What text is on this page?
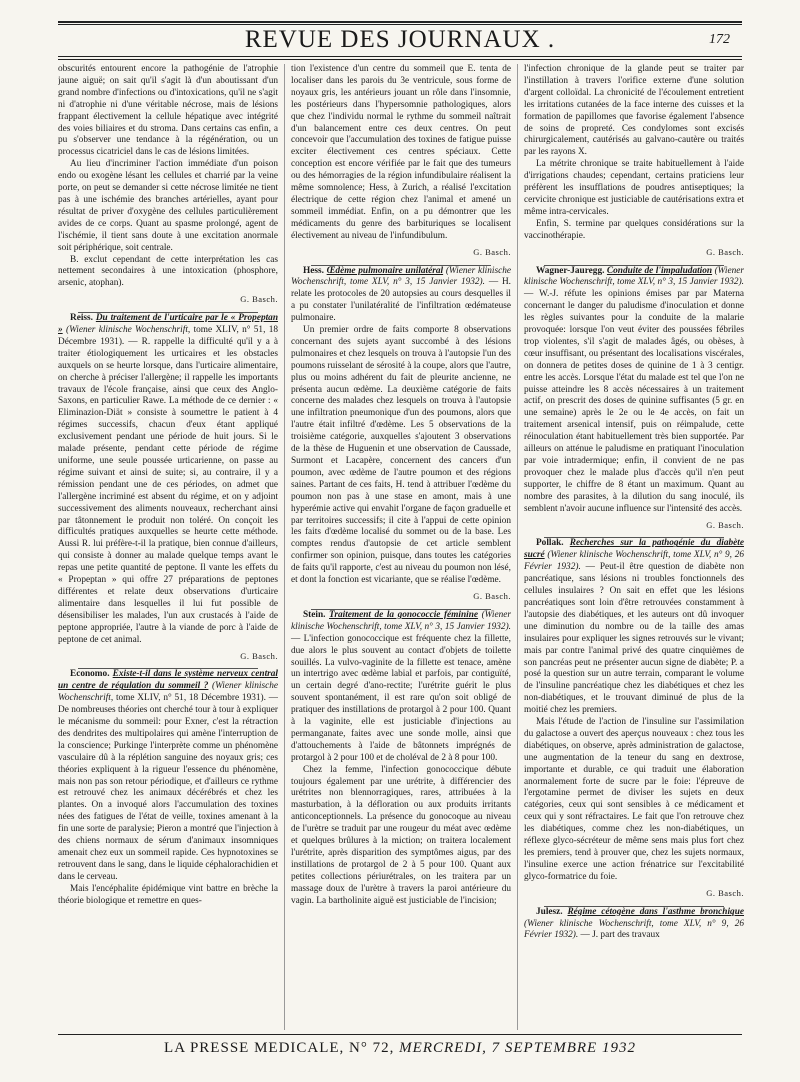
REVUE DES JOURNAUX .	172

obscurités entourent encore la pathogénie de l'atrophie jaune aiguë; on sait qu'il s'agit là d'un aboutissant d'un grand nombre d'infections ou d'intoxications, qu'il ne s'agit ni d'atrophie ni d'une véritable nécrose, mais de lésions frappant électivement la cellule hépatique avec intégrité des voies biliaires et du stroma. Dans certains cas enfin, a pu s'observer une tendance à la régénération, ou un processus cicatriciel dans le cas de lésions limitées.

Au lieu d'incriminer l'action immédiate d'un poison endo ou exogène lésant les cellules et charrié par la veine porte, on peut se demander si cette nécrose limitée ne tient pas à une ischémie des branches artérielles, ayant pour résultat de priver d'oxygène des cellules particulièrement avides de ce corps. Quant au spasme prolongé, agent de l'ischémie, il tient sans doute à une excitation anormale soit périphérique, soit centrale.

B. exclut cependant de cette interprétation les cas nettement secondaires à une intoxication (phosphore, arsenic, atophan).

G. Basch.

Reiss. Du traitement de l'urticaire par le « Propeptan » (Wiener klinische Wochenschrift, tome XLIV, n° 51, 18 Décembre 1931). — R. rappelle la difficulté qu'il y a à traiter étiologiquement les urticaires et les obstacles auxquels on se heurte lorsque, dans l'urticaire alimentaire, on cherche à préciser l'allergène; il rappelle les importants travaux de l'école française, ainsi que ceux des Anglo-Saxons, en particulier Rawe. La méthode de ce dernier : « Eliminazion-Diät » consiste à soumettre le patient à 4 régimes successifs, chacun d'eux étant appliqué exclusivement pendant une période de huit jours. Si le malade présente, pendant cette période de régime uniforme, une seule poussée urticarienne, on passe au régime suivant et ainsi de suite; si, au contraire, il y a rémission pendant une de ces périodes, on admet que l'allergène incriminé est absent du régime, et on y adjoint successivement des aliments nouveaux, recherchant ainsi par tâtonnement le produit non toléré. On conçoit les difficultés pratiques auxquelles se heurte cette méthode. Aussi R. lui préfère-t-il la pratique, bien connue d'ailleurs, qui consiste à donner au malade quelque temps avant le repas une petite quantité de peptone. Il vante les effets du « Propeptan » qui offre 27 préparations de peptones différentes et relate deux observations d'urticaire alimentaire dans lesquelles il lui fut possible de désensibiliser les malades, l'un aux crustacés à l'aide de peptone appropriée, l'autre à la viande de porc à l'aide de peptone de cet animal.

G. Basch.

Economo. Existe-t-il dans le système nerveux central un centre de régulation du sommeil ? (Wiener klinische Wochenschrift, tome XLIV, n° 51, 18 Décembre 1931). — De nombreuses théories ont cherché tour à tour à expliquer le mécanisme du sommeil: pour Exner, c'est la rétraction des dendrites des multipolaires qui amène l'interruption de la conscience; Purkinge l'interprète comme un phénomène vasculaire dû à la réplétion sanguine des noyaux gris; ces théories expliquent à la rigueur l'essence du phénomène, mais non pas son retour périodique, et d'ailleurs ce rythme est retrouvé chez les animaux décérébrés et chez les plantes. On a invoqué alors l'accumulation des toxines nées des fatigues de l'état de veille, toxines amenant à la fin une sorte de paralysie; Pieron a montré que l'injection à des chiens normaux de sérum d'animaux insomniques amenait chez eux un sommeil rapide. Ces hypnotoxines se retrouvent dans le sang, dans le liquide céphalorachidien et dans le cerveau.

Mais l'encéphalite épidémique vint battre en brèche la théorie biologique et remettre en ques-

tion l'existence d'un centre du sommeil que E. tenta de localiser dans les parois du 3e ventricule, sous forme de noyaux gris, les antérieurs jouant un rôle dans l'insomnie, les postérieurs dans l'hypersomnie pathologiques, alors que chez l'individu normal le rythme du sommeil naîtrait d'un balancement entre ces deux centres. On peut concevoir que l'accumulation des toxines de fatigue puisse exciter électivement ces centres spéciaux. Cette conception est encore vérifiée par le fait que des tumeurs ou des hémorragies de la région infundibulaire réalisent la même somnolence; Hess, à Zurich, a réalisé l'excitation électrique de cette région chez l'animal et amené un sommeil immédiat. Enfin, on a pu démontrer que les médicaments du genre des barbituriques se localisent électivement au niveau de l'infundibulum.

G. Basch.

Hess. Œdème pulmonaire unilatéral (Wiener klinische Wochenschrift, tome XLV, n° 3, 15 Janvier 1932). — H. relate les protocoles de 20 autopsies au cours desquelles il a pu constater l'unilatéralité de l'infiltration œdémateuse pulmonaire.

Un premier ordre de faits comporte 8 observations concernant des sujets ayant succombé à des lésions pulmonaires et chez lesquels on trouva à l'autopsie l'un des poumons ruisselant de sérosité à la coupe, alors que l'autre, plus ou moins adhérent du fait de pleurite ancienne, ne présenta aucun œdème. La deuxième catégorie de faits concerne des malades chez lesquels on trouva à l'autopsie une infiltration pneumonique d'un des poumons, alors que l'autre était infiltré d'œdème. Les 5 observations de la troisième catégorie, auxquelles s'ajoutent 3 observations de la thèse de Huguenin et une observation de Caussade, Surmont et Lacapère, concernent des cancers d'un poumon, avec œdème de l'autre poumon et des régions saines. Partant de ces faits, H. tend à attribuer l'œdème du poumon non pas à une stase en amont, mais à une hyperémie active qui envahit l'organe de façon graduelle et par territoires successifs; il cite à l'appui de cette opinion les faits d'œdème localisé du sommet ou de la base. Les comptes rendus d'autopsie de cet article semblent confirmer son opinion, puisque, dans toutes les catégories de faits qu'il rapporte, c'est au niveau du poumon non lésé, et dont la fonction est vicariante, que se réalise l'œdème.

G. Basch.

Stein. Traitement de la gonococcie féminine (Wiener klinische Wochenschrift, tome XLV, n° 3, 15 Janvier 1932). — L'infection gonococcique est fréquente chez la fillette, due alors le plus souvent au contact d'objets de toilette souillés. La vulvo-vaginite de la fillette est tenace, amène un intertrigo avec œdème labial et parfois, par contiguïté, un certain degré d'ano-rectite; l'urétrite guérit le plus souvent spontanément, il est rare qu'on soit obligé de pratiquer des instillations de protargol à 2 pour 100. Quant à la vaginite, elle est justiciable d'injections au permanganate, faites avec une sonde molle, ainsi que d'attouchements à l'aide de bâtonnets imprégnés de protargol à 2 pour 100 et de choléval de 2 à 8 pour 100.

Chez la femme, l'infection gonococcique débute toujours également par une urétrite, à différencier des urétrites non blennorragiques, rares, attribuées à la masturbation, à la défloration ou aux produits irritants anticonceptionnels. La présence du gonocoque au niveau de l'urètre se traduit par une rougeur du méat avec œdème et quelques brûlures à la miction; on traitera localement l'urétrite, après disparition des symptômes aigus, par des instillations de protargol de 2 à 5 pour 100. Quant aux petites collections périurétrales, on les traitera par un massage doux de l'urètre à travers la paroi antérieure du vagin. La bartholinite aiguë est justiciable de l'incision;

l'infection chronique de la glande peut se traiter par l'instillation à travers l'orifice externe d'une solution d'argent colloïdal. La chronicité de l'écoulement entretient les irritations cutanées de la face interne des cuisses et la formation de papillomes que favorise également l'absence de soins de propreté. Ces condylomes sont excisés chirurgicalement, cautérisés au galvano-cautère ou traités par les rayons X.

La métrite chronique se traite habituellement à l'aide d'irrigations chaudes; cependant, certains praticiens leur préfèrent les insufflations de poudres antiseptiques; la cervicite chronique est justiciable de cautérisations extra et même intra-cervicales.

Enfin, S. termine par quelques considérations sur la vaccinothérapie.

G. Basch.

Wagner-Jauregg. Conduite de l'impaludation (Wiener klinische Wochenschrift, tome XLV, n° 3, 15 Janvier 1932). — W.-J. réfute les opinions émises par par Materna concernant le danger du paludisme d'inoculation et donne les règles suivantes pour la conduite de la malarie provoquée: lorsque l'on veut éviter des poussées fébriles trop violentes, s'il s'agit de malades âgés, ou obèses, à cœur insuffisant, ou présentant des localisations viscérales, on donnera de petites doses de quinine de 1 à 3 centigr. entre les accès. Lorsque l'état du malade est tel que l'on ne puisse atteindre les 8 accès nécessaires à un traitement actif, on prescrit des doses de quinine suffisantes (5 gr. en une semaine) après le 2e ou le 4e accès, on fait un traitement arsenical intensif, puis on réimpalude, cette réinoculation étant habituellement très bien supportée. Par ailleurs on atténue le paludisme en pratiquant l'inoculation par voie intradermique; enfin, il convient de ne pas provoquer chez le malade plus d'accès qu'il n'en peut supporter, le chiffre de 8 étant un maximum. Quant au nombre des parasites, à la dilution du sang inoculé, ils semblent n'avoir aucune influence sur l'intensité des accès.

G. Basch.

Pollak. Recherches sur la pathogénie du diabète sucré (Wiener klinische Wochenschrift, tome XLV, n° 9, 26 Février 1932). — Peut-il être question de diabète non pancréatique, sans lésions ni troubles fonctionnels des cellules insulaires ? On sait en effet que les lésions pancréatiques sont loin d'être retrouvées constamment à l'autopsie des diabétiques, et les auteurs ont dû invoquer une diminution du nombre ou de la taille des amas insulaires pour expliquer les signes retrouvés sur le vivant; mais par contre l'animal privé des quatre cinquièmes de son pancréas peut ne présenter aucun signe de diabète; P. a posé la question sur un autre terrain, comparant le volume de l'insuline pancréatique chez les diabétiques et chez les non-diabétiques, et le trouvant diminué de plus de la moitié chez les premiers.

Mais l'étude de l'action de l'insuline sur l'assimilation du galactose a ouvert des aperçus nouveaux : chez tous les diabétiques, on observe, après administration de galactose, une augmentation de la teneur du sang en dextrose, importante et durable, ce qui traduit une élaboration anormalement forte de sucre par le foie: l'épreuve de l'ergotamine permet de diviser les sujets en deux catégories, ceux qui sont sensibles à ce médicament et ceux qui y sont réfractaires. Le fait que l'on retrouve chez les diabétiques, comme chez les non-diabétiques, un réflexe glyco-sécréteur de même sens mais plus fort chez les premiers, tend à prouver que, chez les sujets normaux, l'insuline exerce une action frénatrice sur l'excitabilité glyco-formatrice du foie.

G. Basch.

Julesz. Régime cétogène dans l'asthme bronchique (Wiener klinische Wochenschrift, tome XLV, n° 9, 26 Février 1932). — J. part des travaux

LA PRESSE MEDICALE, N° 72, MERCREDI, 7 SEPTEMBRE 1932
